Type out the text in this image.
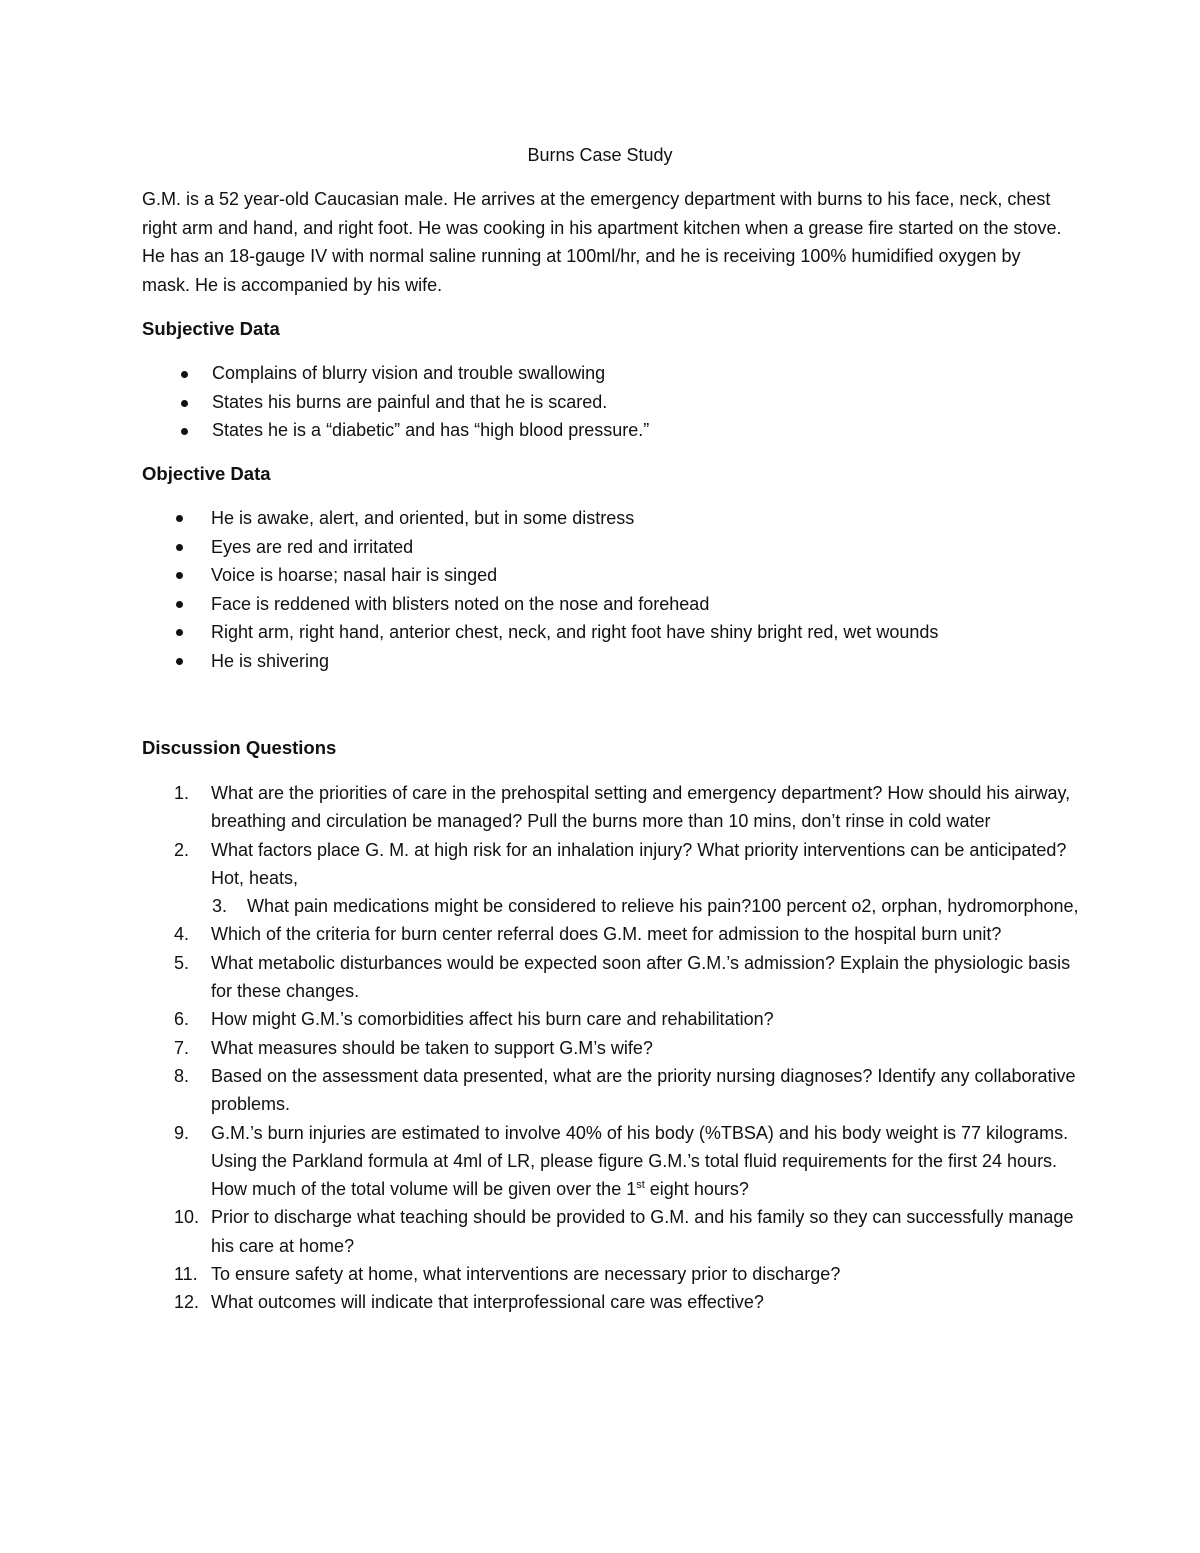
Burns Case Study

G.M. is a 52 year-old Caucasian male. He arrives at the emergency department with burns to his face, neck, chest right arm and hand, and right foot. He was cooking in his apartment kitchen when a grease fire started on the stove. He has an 18-gauge IV with normal saline running at 100ml/hr, and he is receiving 100% humidified oxygen by mask. He is accompanied by his wife.

Subjective Data
Complains of blurry vision and trouble swallowing
States his burns are painful and that he is scared.
States he is a “diabetic” and has “high blood pressure.”
Objective Data
He is awake, alert, and oriented, but in some distress
Eyes are red and irritated
Voice is hoarse; nasal hair is singed
Face is reddened with blisters noted on the nose and forehead
Right arm, right hand, anterior chest, neck, and right foot have shiny bright red, wet wounds
He is shivering
Discussion Questions
1.	What are the priorities of care in the prehospital setting and emergency department? How should his airway, breathing and circulation be managed? Pull the burns more than 10 mins, don’t rinse in cold water
2.	What factors place G. M. at high risk for an inhalation injury? What priority interventions can be anticipated? Hot, heats,
3.	What pain medications might be considered to relieve his pain?100 percent o2, orphan, hydromorphone,
4.	Which of the criteria for burn center referral does G.M. meet for admission to the hospital burn unit?
5.	What metabolic disturbances would be expected soon after G.M.’s admission? Explain the physiologic basis for these changes.
6.	How might G.M.’s comorbidities affect his burn care and rehabilitation?
7.	What measures should be taken to support G.M’s wife?
8.	Based on the assessment data presented, what are the priority nursing diagnoses? Identify any collaborative problems.
9.	G.M.’s burn injuries are estimated to involve 40% of his body (%TBSA) and his body weight is 77 kilograms. Using the Parkland formula at 4ml of LR, please figure G.M.’s total fluid requirements for the first 24 hours. How much of the total volume will be given over the 1st eight hours?
10. Prior to discharge what teaching should be provided to G.M. and his family so they can successfully manage his care at home?
11. To ensure safety at home, what interventions are necessary prior to discharge?
12. What outcomes will indicate that interprofessional care was effective?
